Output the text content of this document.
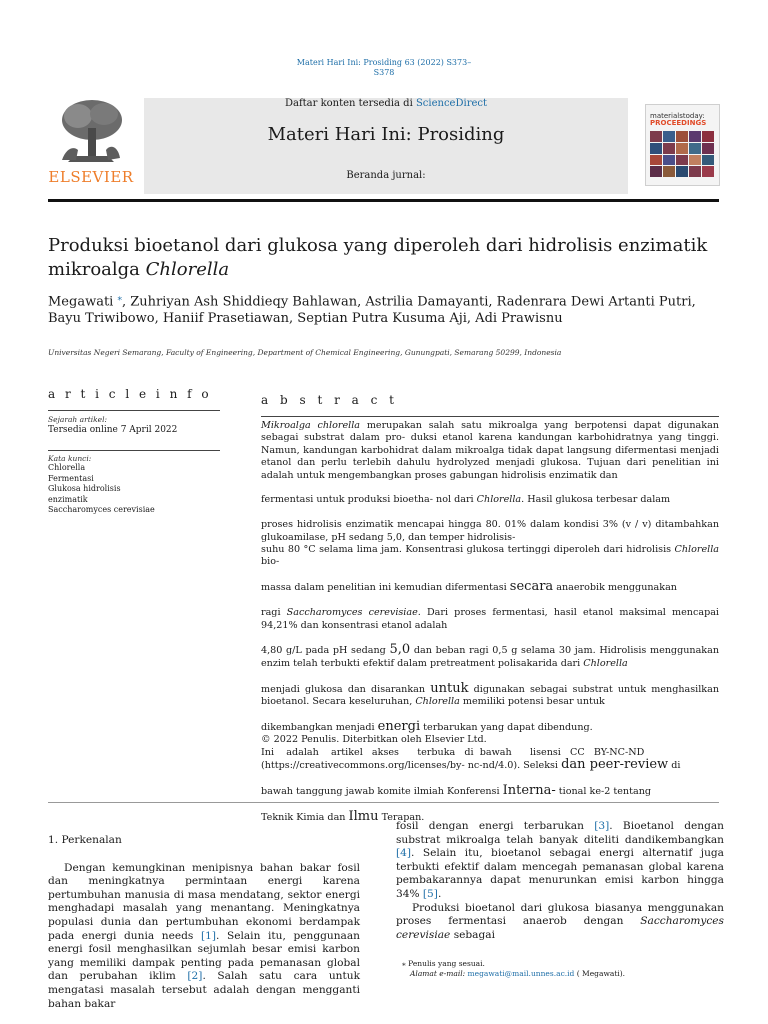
Materi Hari Ini: Prosiding 63 (2022) S373–
S378
ELSEVIER
Daftar konten tersedia di ScienceDirect
Materi Hari Ini: Prosiding
Beranda jurnal:
materialstoday:
PROCEEDINGS
Produksi bioetanol dari glukosa yang diperoleh dari hidrolisis enzimatik mikroalga Chlorella
Megawati ⁎, Zuhriyan Ash Shiddieqy Bahlawan, Astrilia Damayanti, Radenrara Dewi Artanti Putri, Bayu Triwibowo, Haniif Prasetiawan, Septian Putra Kusuma Aji, Adi Prawisnu
Universitas Negeri Semarang, Faculty of Engineering, Department of Chemical Engineering, Gunungpati, Semarang 50299, Indonesia
a r t i c l e i n f o
Sejarah artikel:
Tersedia online 7 April 2022
Kata kunci:
Chlorella
Fermentasi
Glukosa hidrolisis
enzimatik
Saccharomyces cerevisiae
a b s t r a c t

Mikroalga chlorella merupakan salah satu mikroalga yang berpotensi dapat digunakan sebagai substrat dalam pro- duksi etanol karena kandungan karbohidratnya yang tinggi. Namun, kandungan karbohidrat dalam mikroalga tidak dapat langsung difermentasi menjadi etanol dan perlu terlebih dahulu hydrolyzed menjadi glukosa. Tujuan dari penelitian ini adalah untuk mengembangkan proses gabungan hidrolisis enzimatik dan

fermentasi untuk produksi bioetha- nol dari Chlorella. Hasil glukosa terbesar dalam

proses hidrolisis enzimatik mencapai hingga 80. 01% dalam kondisi 3% (v / v) ditambahkan glukoamilase, pH sedang 5,0, dan temper hidrolisis-

suhu 80 °C selama lima jam. Konsentrasi glukosa tertinggi diperoleh dari hidrolisis Chlorella bio-

massa dalam penelitian ini kemudian difermentasi secara anaerobik menggunakan

ragi Saccharomyces cerevisiae. Dari proses fermentasi, hasil etanol maksimal mencapai 94,21% dan konsentrasi etanol adalah

4,80 g/L pada pH sedang 5,0 dan beban ragi 0,5 g selama 30 jam. Hidrolisis menggunakan enzim telah terbukti efektif dalam pretreatment polisakarida dari Chlorella

menjadi glukosa dan disarankan untuk digunakan sebagai substrat untuk menghasilkan bioetanol. Secara keseluruhan, Chlorella memiliki potensi besar untuk

dikembangkan menjadi energi terbarukan yang dapat dibendung.

© 2022 Penulis. Diterbitkan oleh Elsevier Ltd.

Ini    adalah    artikel   akses      terbuka   di  bawah      lisensi   CC   BY-NC-ND

(https://creativecommons.org/licenses/by- nc-nd/4.0). Seleksi dan peer-review di

bawah tanggung jawab komite ilmiah Konferensi Interna- tional ke-2 tentang

Teknik Kimia dan Ilmu Terapan.

1. Perkenalan

Dengan kemungkinan menipisnya bahan bakar fosil dan meningkatnya permintaan energi karena pertumbuhan manusia di masa mendatang, sektor energi menghadapi masalah yang menantang. Meningkatnya populasi dunia dan pertumbuhan ekonomi berdampak pada energi dunia needs [1]. Selain itu, penggunaan energi fosil menghasilkan sejumlah besar emisi karbon yang memiliki dampak penting pada pemanasan global dan perubahan iklim [2]. Salah satu cara untuk mengatasi masalah tersebut adalah dengan mengganti bahan bakar

fosil dengan energi terbarukan [3]. Bioetanol dengan substrat mikroalga telah banyak diteliti dandikembangkan [4]. Selain itu, bioetanol sebagai energi alternatif juga terbukti efektif dalam mencegah pemanasan global karena pembakarannya dapat menurunkan emisi karbon hingga 34% [5].

Produksi bioetanol dari glukosa biasanya menggunakan proses fermentasi anaerob dengan Saccharomyces cerevisiae sebagai

⁎ Penulis yang sesuai.
Alamat e-mail: megawati@mail.unnes.ac.id ( Megawati).
